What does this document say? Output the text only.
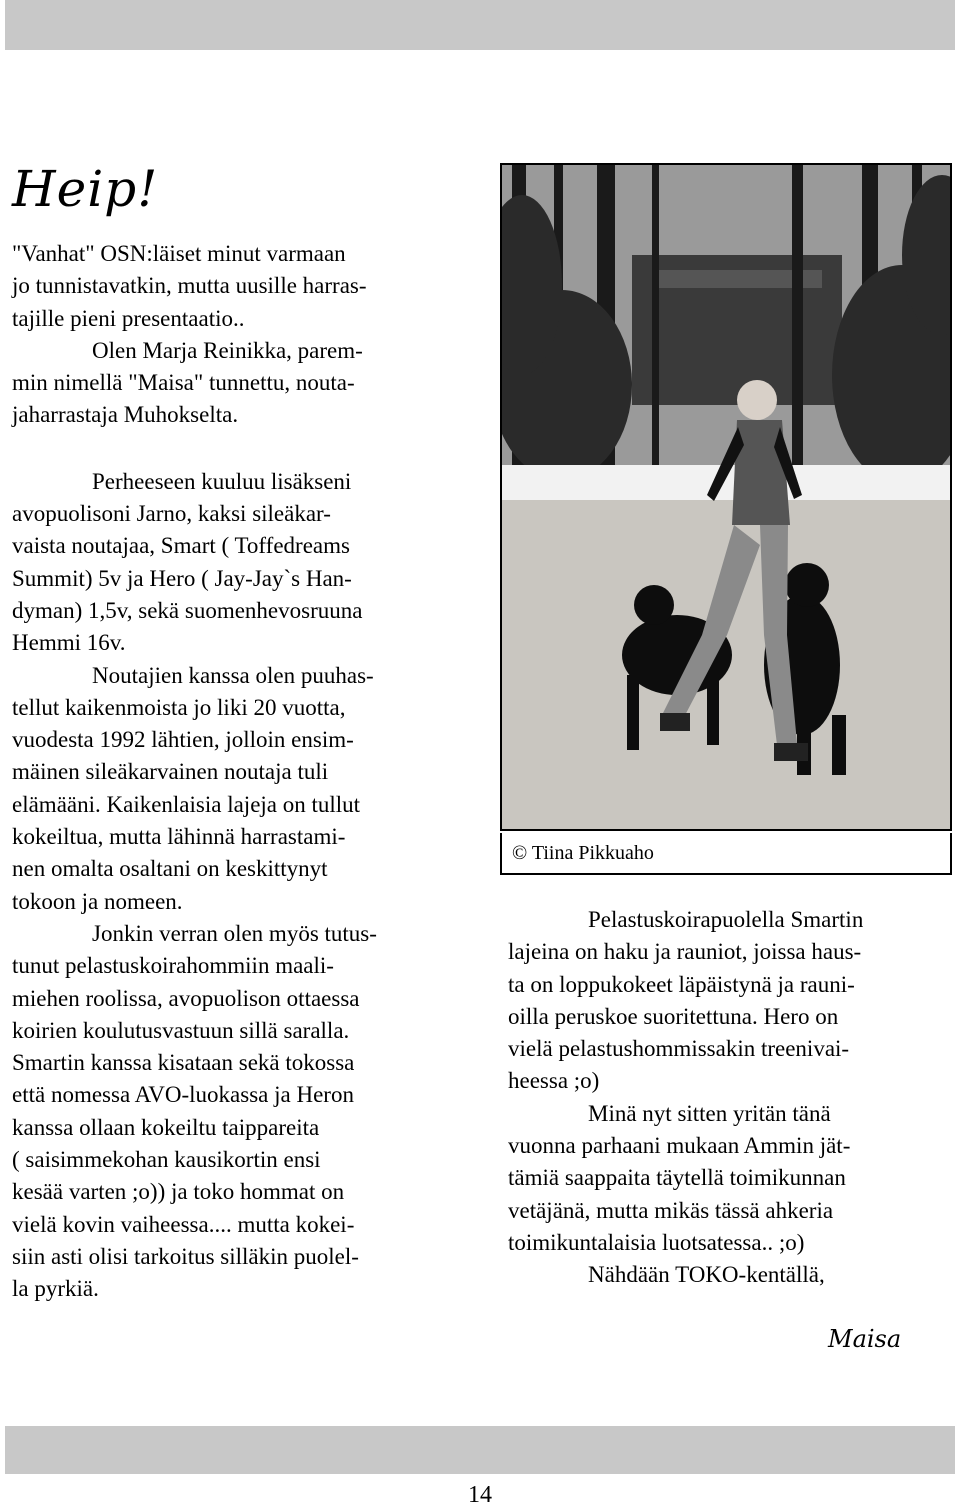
Heip!

"Vanhat" OSN:läiset minut varmaan
jo tunnistavatkin, mutta uusille harras-
tajille pieni presentaatio..

Olen Marja Reinikka, parem-
min nimellä "Maisa" tunnettu, nouta-
jaharrastaja Muhokselta.

Perheeseen kuuluu lisäkseni
avopuolisoni Jarno, kaksi sileäkar-
vaista noutajaa, Smart ( Toffedreams
Summit) 5v ja Hero ( Jay-Jay`s Han-
dyman) 1,5v, sekä suomenhevosruuna
Hemmi 16v.

Noutajien kanssa olen puuhas-
tellut kaikenmoista jo liki 20 vuotta,
vuodesta 1992 lähtien, jolloin ensim-
mäinen sileäkarvainen noutaja tuli
elämääni. Kaikenlaisia lajeja on tullut
kokeiltua, mutta lähinnä harrastami-
nen omalta osaltani on keskittynyt
tokoon ja nomeen.

Jonkin verran olen myös tutus-
tunut pelastuskoirahommiin maali-
miehen roolissa, avopuolison ottaessa
koirien koulutusvastuun sillä saralla.
Smartin kanssa kisataan sekä tokossa
että nomessa AVO-luokassa ja Heron
kanssa ollaan kokeiltu taippareita
( saisimmekohan kausikortin ensi
kesää varten ;o)) ja toko hommat on
vielä kovin vaiheessa.... mutta kokei-
siin asti olisi tarkoitus silläkin puolel-
la pyrkiä.

© Tiina Pikkuaho

Pelastuskoirapuolella Smartin
lajeina on haku ja rauniot, joissa haus-
ta on loppukokeet läpäistynä ja rauni-
oilla peruskoe suoritettuna. Hero on
vielä pelastushommissakin treenivai-
heessa ;o)

Minä nyt sitten yritän tänä
vuonna parhaani mukaan Ammin jät-
tämiä saappaita täytellä toimikunnan
vetäjänä, mutta mikäs tässä ahkeria
toimikuntalaisia luotsatessa.. ;o)

Nähdään TOKO-kentällä,

Maisa
14
